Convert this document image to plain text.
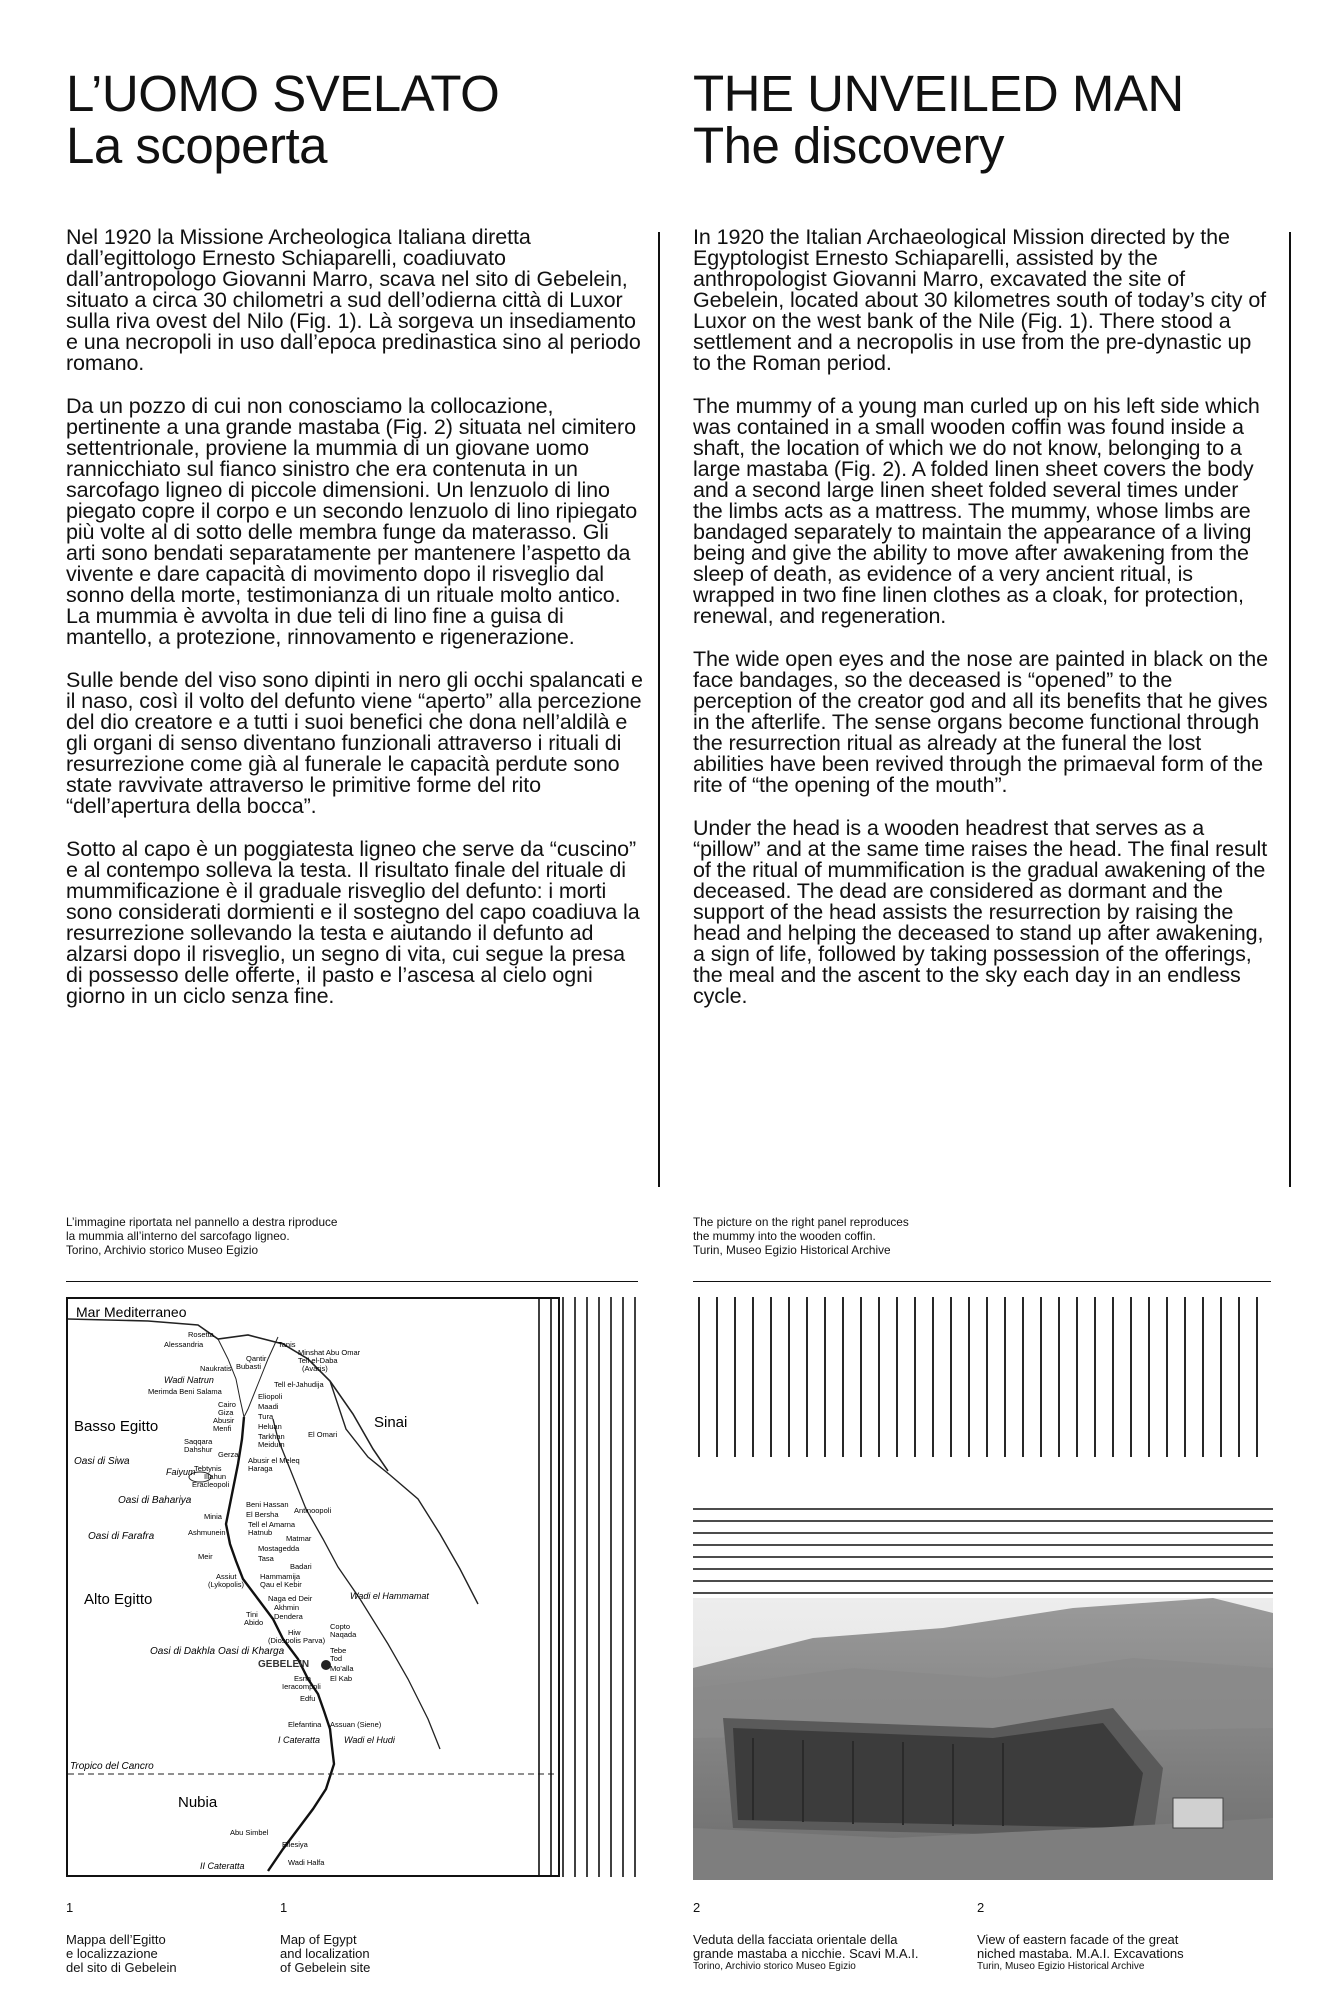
L’UOMO SVELATO
La scoperta
THE UNVEILED MAN
The discovery

Nel 1920 la Missione Archeologica Italiana diretta dall’egittologo Ernesto Schiaparelli, coadiuvato dall’antropologo Giovanni Marro, scava nel sito di Gebelein, situato a circa 30 chilometri a sud dell’odierna città di Luxor sulla riva ovest del Nilo (Fig. 1). Là sorgeva un insediamento e una necropoli in uso dall’epoca predinastica sino al periodo romano.

Da un pozzo di cui non conosciamo la collocazione, pertinente a una grande mastaba (Fig. 2) situata nel cimitero settentrionale, proviene la mummia di un giovane uomo rannicchiato sul fianco sinistro che era contenuta in un sarcofago ligneo di piccole dimensioni. Un lenzuolo di lino piegato copre il corpo e un secondo lenzuolo di lino ripiegato più volte al di sotto delle membra funge da materasso. Gli arti sono bendati separatamente per mantenere l’aspetto da vivente e dare capacità di movimento dopo il risveglio dal sonno della morte, testimonianza di un rituale molto antico. La mummia è avvolta in due teli di lino fine a guisa di mantello, a protezione, rinnovamento e rigenerazione.

Sulle bende del viso sono dipinti in nero gli occhi spalancati e il naso, così il volto del defunto viene “aperto” alla percezione del dio creatore e a tutti i suoi benefici che dona nell’aldilà e gli organi di senso diventano funzionali attraverso i rituali di resurrezione come già al funerale le capacità perdute sono state ravvivate attraverso le primitive forme del rito “dell’apertura della bocca”.

Sotto al capo è un poggiatesta ligneo che serve da “cuscino” e al contempo solleva la testa. Il risultato finale del rituale di mummificazione è il graduale risveglio del defunto: i morti sono considerati dormienti e il sostegno del capo coadiuva la resurrezione sollevando la testa e aiutando il defunto ad alzarsi dopo il risveglio, un segno di vita, cui segue la presa di possesso delle offerte, il pasto e l’ascesa al cielo ogni giorno in un ciclo senza fine.

In 1920 the Italian Archaeological Mission directed by the Egyptologist Ernesto Schiaparelli, assisted by the anthropologist Giovanni Marro, excavated the site of Gebelein, located about 30 kilometres south of today’s city of Luxor on the west bank of the Nile (Fig. 1). There stood a settlement and a necropolis in use from the pre-dynastic up to the Roman period.

The mummy of a young man curled up on his left side which was contained in a small wooden coffin was found inside a shaft, the location of which we do not know, belonging to a large mastaba (Fig. 2). A folded linen sheet covers the body and a second large linen sheet folded several times under the limbs acts as a mattress. The mummy, whose limbs are bandaged separately to maintain the appearance of a living being and give the ability to move after awakening from the sleep of death, as evidence of a very ancient ritual, is wrapped in two fine linen clothes as a cloak, for protection, renewal, and regeneration.

The wide open eyes and the nose are painted in black on the face bandages, so the deceased is “opened” to the perception of the creator god and all its benefits that he gives in the afterlife. The sense organs become functional through the resurrection ritual as already at the funeral the lost abilities have been revived through the primaeval form of the rite of “the opening of the mouth”.

Under the head is a wooden headrest that serves as a “pillow” and at the same time raises the head. The final result of the ritual of mummification is the gradual awakening of the deceased. The dead are considered as dormant and the support of the head assists the resurrection by raising the head and helping the deceased to stand up after awakening, a sign of life, followed by taking possession of the offerings, the meal and the ascent to the sky each day in an endless cycle.

L’immagine riportata nel pannello a destra riproduce
la mummia all’interno del sarcofago ligneo.
Torino, Archivio storico Museo Egizio
The picture on the right panel reproduces
the mummy into the wooden coffin.
Turin, Museo Egizio Historical Archive
Mar Mediterraneo
Basso Egitto	Sinai
Alto Egitto
Nubia
Oasi di Siwa
Oasi di Bahariya
Oasi di Farafra
Oasi di Dakhla Oasi di Kharga
Tropico del Cancro
GEBELEIN
Rosetta
Alessandria
Naukratis
Wadi Natrun
Merimda Beni Salama
Cairo
Giza
Abusir
Menfi
Saqqara
Dahshur
Gerza
Faiyum
Tebtynis
Illahun
Eracleopoli
Minia
Ashmunein
Meir
Assiut
(Lykopolis)
Tini
Abido
Hiw
(Diospolis Parva)
Esna
Ieracompoli
Edfu
Elefantina
I Cateratta
Abu Simbel
II Cateratta
Tanis
Bubasti
Qantir
Minshat Abu Omar
Tell el-Daba
(Avaris)
Tell el-Jahudija
Eliopoli
Maadi
Tura
Heluan
Tarkhan
Meidum
Abusir el Meleq
Haraga
El Omari
Beni Hassan
Antinoopoli
El Bersha
Tell el Amarna
Hatnub
Matmar
Mostagedda
Tasa
Badari
Qau el Kebir
Hammamija
Naga ed Deir
Akhmin
Dendera
Copto
Naqada
Tebe
Tod
Mo'alla
El Kab
Assuan (Siene)
Wadi el Hammamat
Wadi el Hudi
Ellesiya
Wadi Halfa
1
Mappa dell’Egitto
e localizzazione
del sito di Gebelein
1
Map of Egypt
and localization
of Gebelein site
2
Veduta della facciata orientale della
grande mastaba a nicchie. Scavi M.A.I.
Torino, Archivio storico Museo Egizio
2
View of eastern facade of the great
niched mastaba. M.A.I. Excavations
Turin, Museo Egizio Historical Archive
